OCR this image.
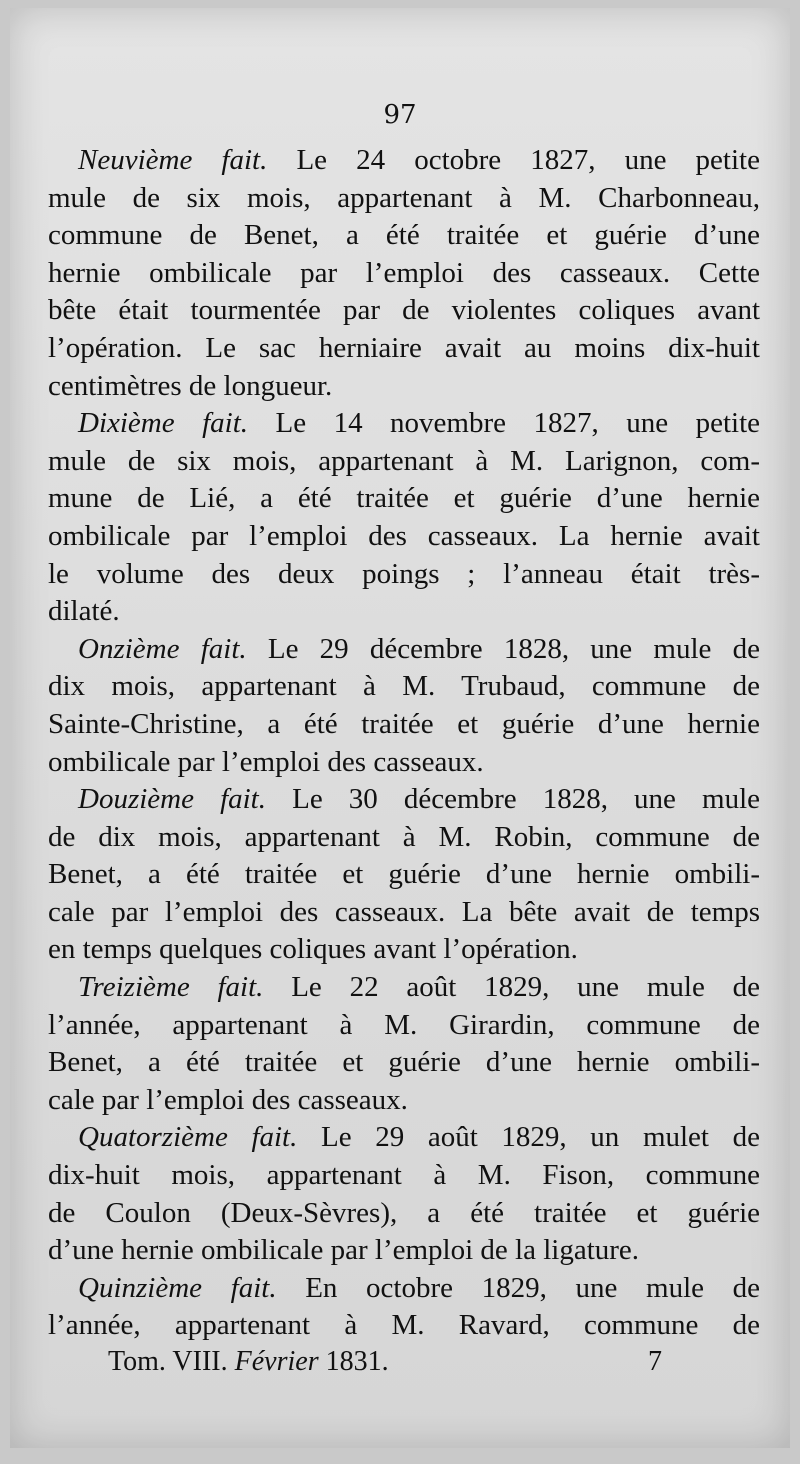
97
Neuvième fait. Le 24 octobre 1827, une petite
mule de six mois, appartenant à M. Charbonneau,
commune de Benet, a été traitée et guérie d’une
hernie ombilicale par l’emploi des casseaux. Cette
bête était tourmentée par de violentes coliques avant
l’opération. Le sac herniaire avait au moins dix-huit
centimètres de longueur.
Dixième fait. Le 14 novembre 1827, une petite
mule de six mois, appartenant à M. Larignon, com-
mune de Lié, a été traitée et guérie d’une hernie
ombilicale par l’emploi des casseaux. La hernie avait
le volume des deux poings ; l’anneau était très-
dilaté.
Onzième fait. Le 29 décembre 1828, une mule de
dix mois, appartenant à M. Trubaud, commune de
Sainte-Christine, a été traitée et guérie d’une hernie
ombilicale par l’emploi des casseaux.
Douzième fait. Le 30 décembre 1828, une mule
de dix mois, appartenant à M. Robin, commune de
Benet, a été traitée et guérie d’une hernie ombili-
cale par l’emploi des casseaux. La bête avait de temps
en temps quelques coliques avant l’opération.
Treizième fait. Le 22 août 1829, une mule de
l’année, appartenant à M. Girardin, commune de
Benet, a été traitée et guérie d’une hernie ombili-
cale par l’emploi des casseaux.
Quatorzième fait. Le 29 août 1829, un mulet de
dix-huit mois, appartenant à M. Fison, commune
de Coulon (Deux-Sèvres), a été traitée et guérie
d’une hernie ombilicale par l’emploi de la ligature.
Quinzième fait. En octobre 1829, une mule de
l’année, appartenant à M. Ravard, commune de
Tom. VIII. Février 1831.	7
